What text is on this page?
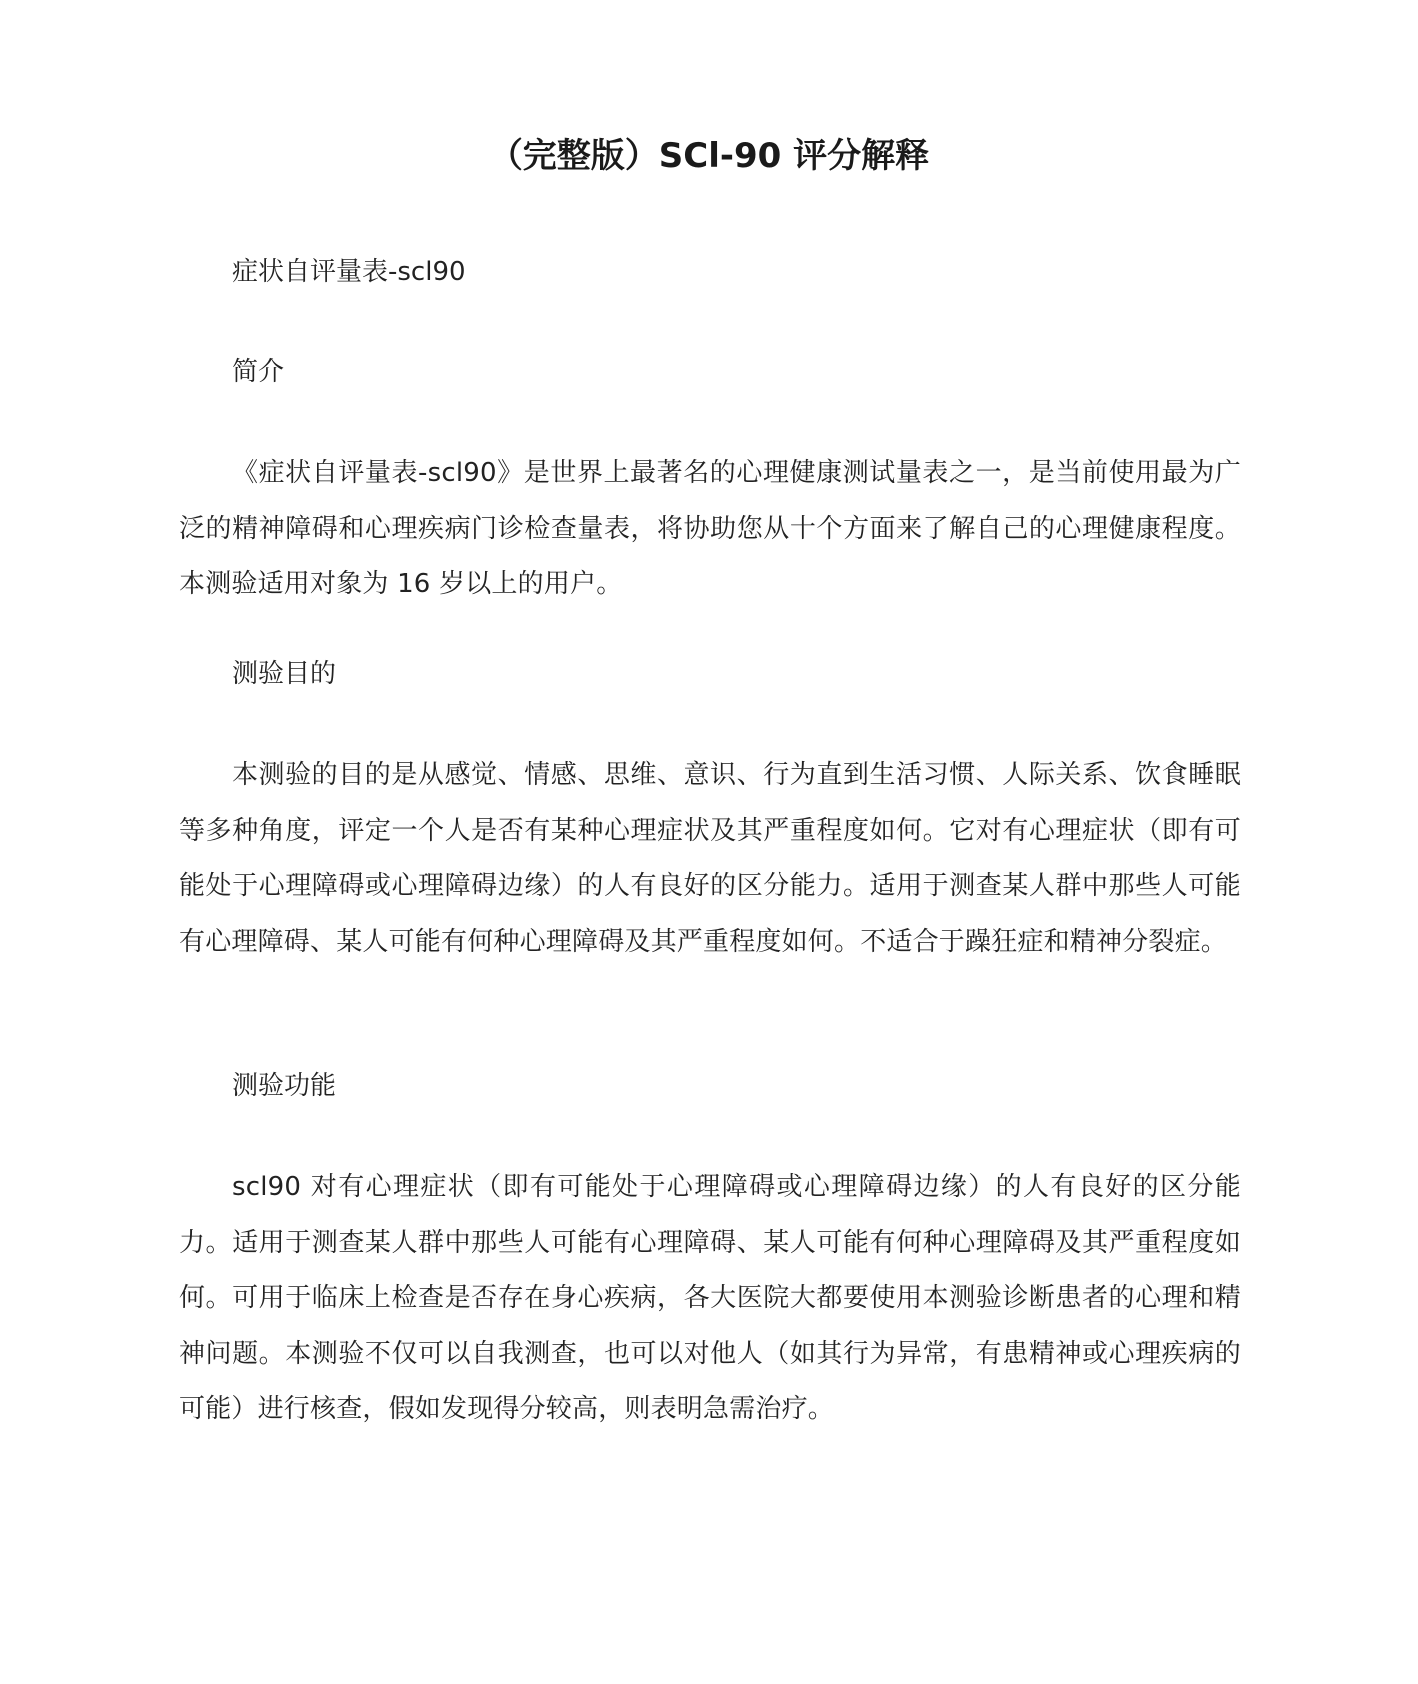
（完整版）SCl-90 评分解释

症状自评量表-scl90

简介

《症状自评量表-scl90》是世界上最著名的心理健康测试量表之一，是当前使用最为广泛的精神障碍和心理疾病门诊检查量表，将协助您从十个方面来了解自己的心理健康程度。本测验适用对象为 16 岁以上的用户。

测验目的

本测验的目的是从感觉、情感、思维、意识、行为直到生活习惯、人际关系、饮食睡眠等多种角度，评定一个人是否有某种心理症状及其严重程度如何。它对有心理症状（即有可能处于心理障碍或心理障碍边缘）的人有良好的区分能力。适用于测查某人群中那些人可能有心理障碍、某人可能有何种心理障碍及其严重程度如何。不适合于躁狂症和精神分裂症。

测验功能

scl90 对有心理症状（即有可能处于心理障碍或心理障碍边缘）的人有良好的区分能力。适用于测查某人群中那些人可能有心理障碍、某人可能有何种心理障碍及其严重程度如何。可用于临床上检查是否存在身心疾病，各大医院大都要使用本测验诊断患者的心理和精神问题。本测验不仅可以自我测查，也可以对他人（如其行为异常，有患精神或心理疾病的可能）进行核查，假如发现得分较高，则表明急需治疗。
